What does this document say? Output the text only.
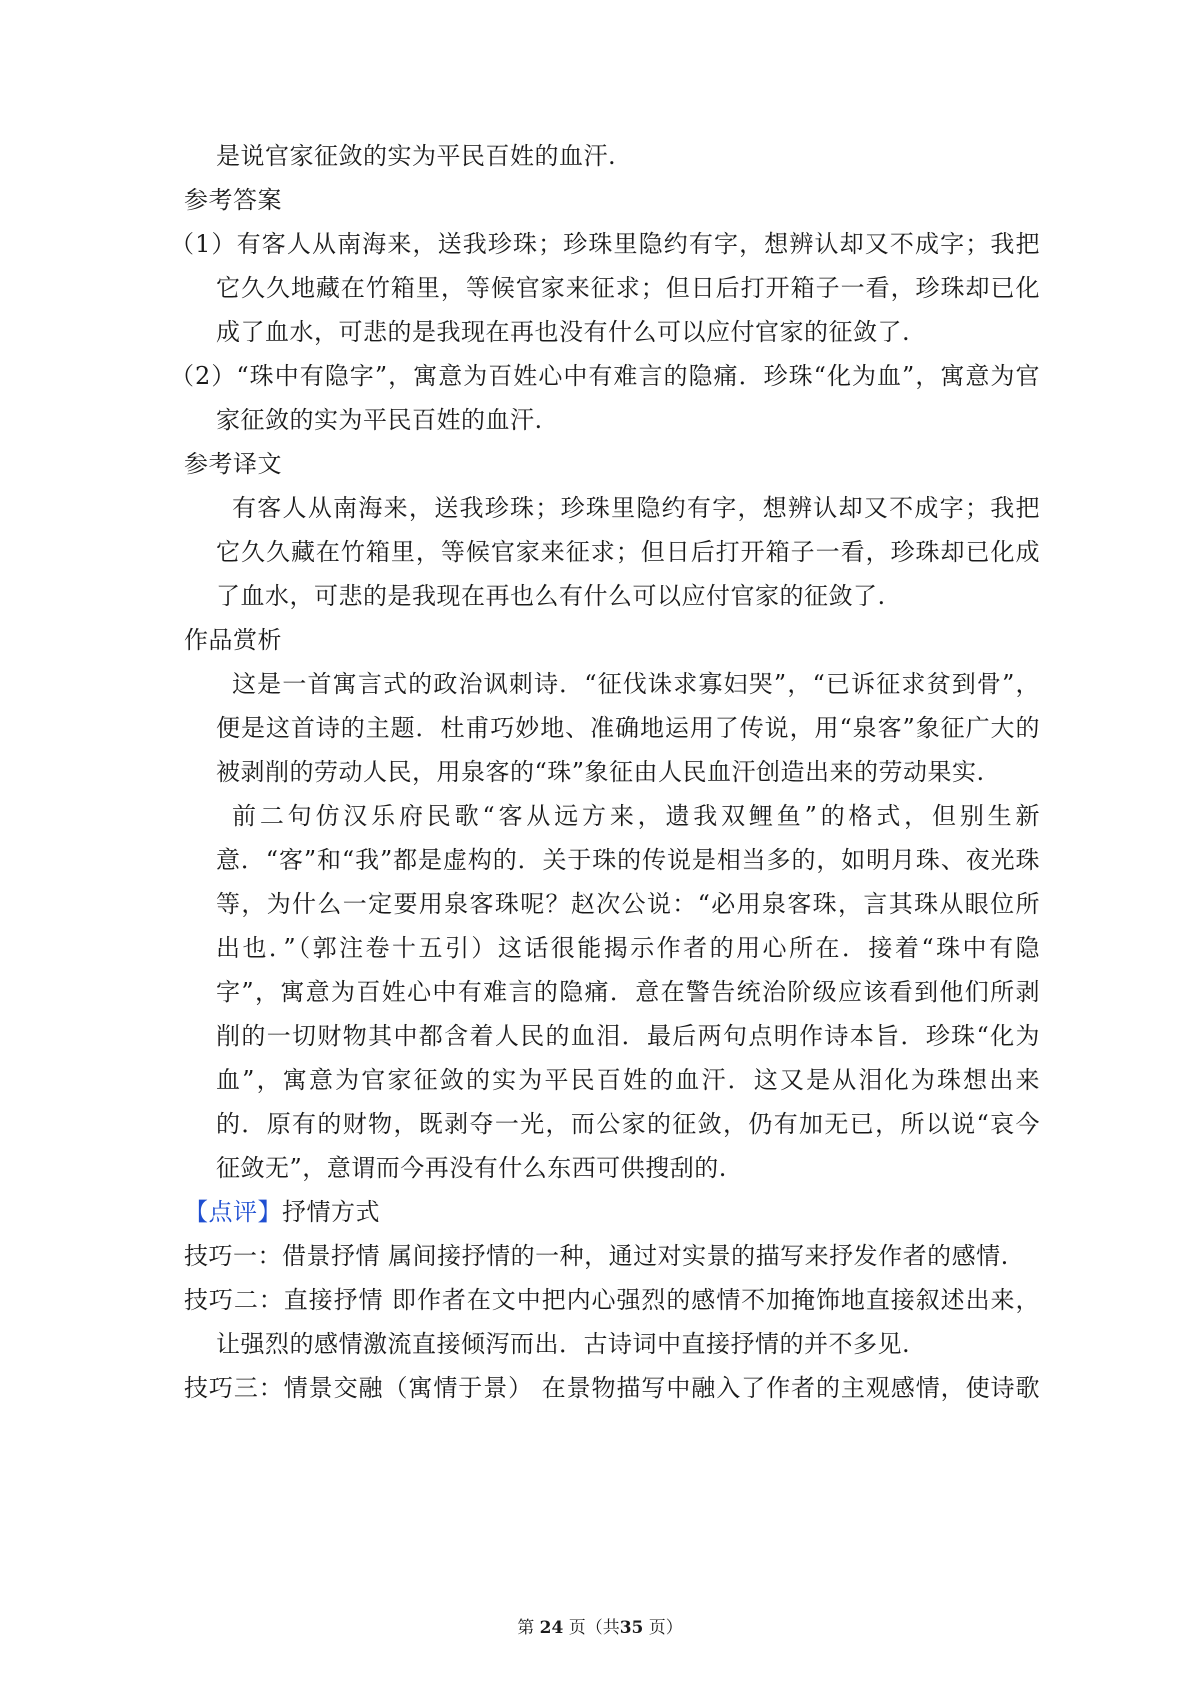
是说官家征敛的实为平民百姓的血汗.
参考答案
（1）有客人从南海来，送我珍珠；珍珠里隐约有字，想辨认却又不成字；我把
它久久地藏在竹箱里，等候官家来征求；但日后打开箱子一看，珍珠却已化
成了血水，可悲的是我现在再也没有什么可以应付官家的征敛了.
（2）“珠中有隐字”，寓意为百姓心中有难言的隐痛．珍珠“化为血”，寓意为官
家征敛的实为平民百姓的血汗.
参考译文
有客人从南海来，送我珍珠；珍珠里隐约有字，想辨认却又不成字；我把
它久久藏在竹箱里，等候官家来征求；但日后打开箱子一看，珍珠却已化成
了血水，可悲的是我现在再也么有什么可以应付官家的征敛了.
作品赏析
这是一首寓言式的政治讽刺诗．“征伐诛求寡妇哭”，“已诉征求贫到骨”，
便是这首诗的主题．杜甫巧妙地、准确地运用了传说，用“泉客”象征广大的
被剥削的劳动人民，用泉客的“珠”象征由人民血汗创造出来的劳动果实.
前二句仿汉乐府民歌“客从远方来，遗我双鲤鱼”的格式，但别生新
意．“客”和“我”都是虚构的．关于珠的传说是相当多的，如明月珠、夜光珠
等，为什么一定要用泉客珠呢？赵次公说：“必用泉客珠，言其珠从眼位所
出也．”（郭注卷十五引）这话很能揭示作者的用心所在．接着“珠中有隐
字”，寓意为百姓心中有难言的隐痛．意在警告统治阶级应该看到他们所剥
削的一切财物其中都含着人民的血泪．最后两句点明作诗本旨．珍珠“化为
血”，寓意为官家征敛的实为平民百姓的血汗．这又是从泪化为珠想出来
的．原有的财物，既剥夺一光，而公家的征敛，仍有加无已，所以说“哀今
征敛无”，意谓而今再没有什么东西可供搜刮的.
【点评】抒情方式
技巧一：借景抒情 属间接抒情的一种，通过对实景的描写来抒发作者的感情.
技巧二：直接抒情 即作者在文中把内心强烈的感情不加掩饰地直接叙述出来，
让强烈的感情激流直接倾泻而出．古诗词中直接抒情的并不多见.
技巧三：情景交融（寓情于景） 在景物描写中融入了作者的主观感情，使诗歌
第 24 页（共35 页）
